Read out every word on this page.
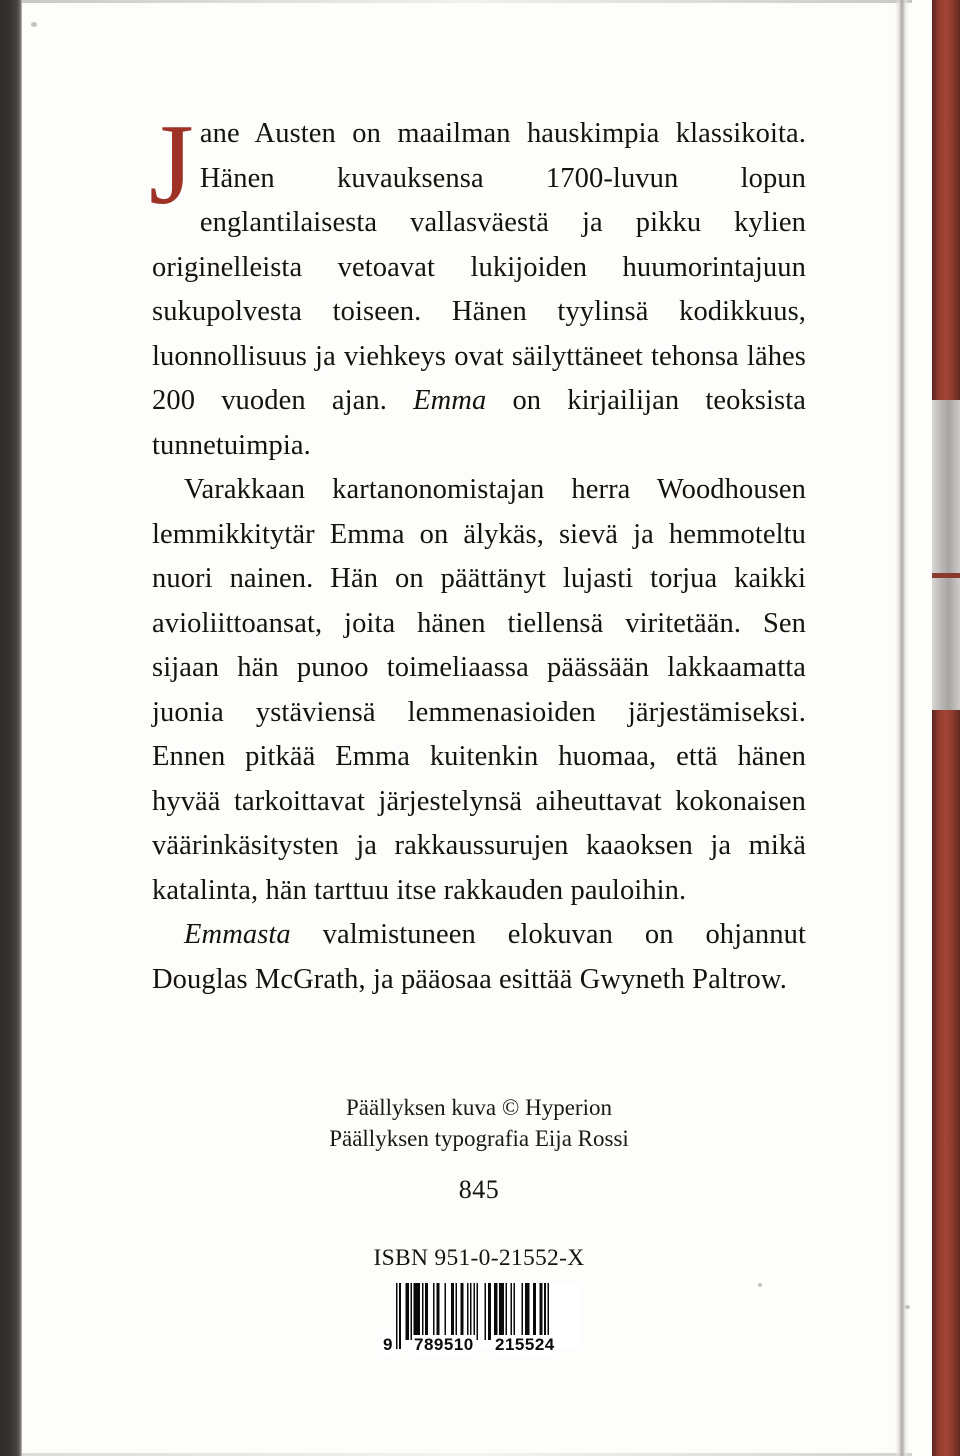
Jane Austen on maailman hauskimpia klassikoita. Hänen kuvauksensa 1700-luvun lopun englantilaisesta vallasväestä ja pikku kylien originelleista vetoavat lukijoiden huumorintajuun sukupolvesta toiseen. Hänen tyylinsä kodikkuus, luonnollisuus ja viehkeys ovat säilyttäneet tehonsa lähes 200 vuoden ajan. Emma on kirjailijan teoksista tunnetuimpia.

Varakkaan kartanonomistajan herra Woodhousen lemmikkitytär Emma on älykäs, sievä ja hemmoteltu nuori nainen. Hän on päättänyt lujasti torjua kaikki avioliittoansat, joita hänen tiellensä viritetään. Sen sijaan hän punoo toimeliaassa päässään lakkaamatta juonia ystäviensä lemmenasioiden järjestämiseksi. Ennen pitkää Emma kuitenkin huomaa, että hänen hyvää tarkoittavat järjestelynsä aiheuttavat kokonaisen väärinkäsitysten ja rakkaussurujen kaaoksen ja mikä katalinta, hän tarttuu itse rakkauden pauloihin.

Emmasta valmistuneen elokuvan on ohjannut Douglas McGrath, ja pääosaa esittää Gwyneth Paltrow.

Päällyksen kuva © Hyperion
Päällyksen typografia Eija Rossi
845
ISBN 951-0-21552-X
9 789510 215524
